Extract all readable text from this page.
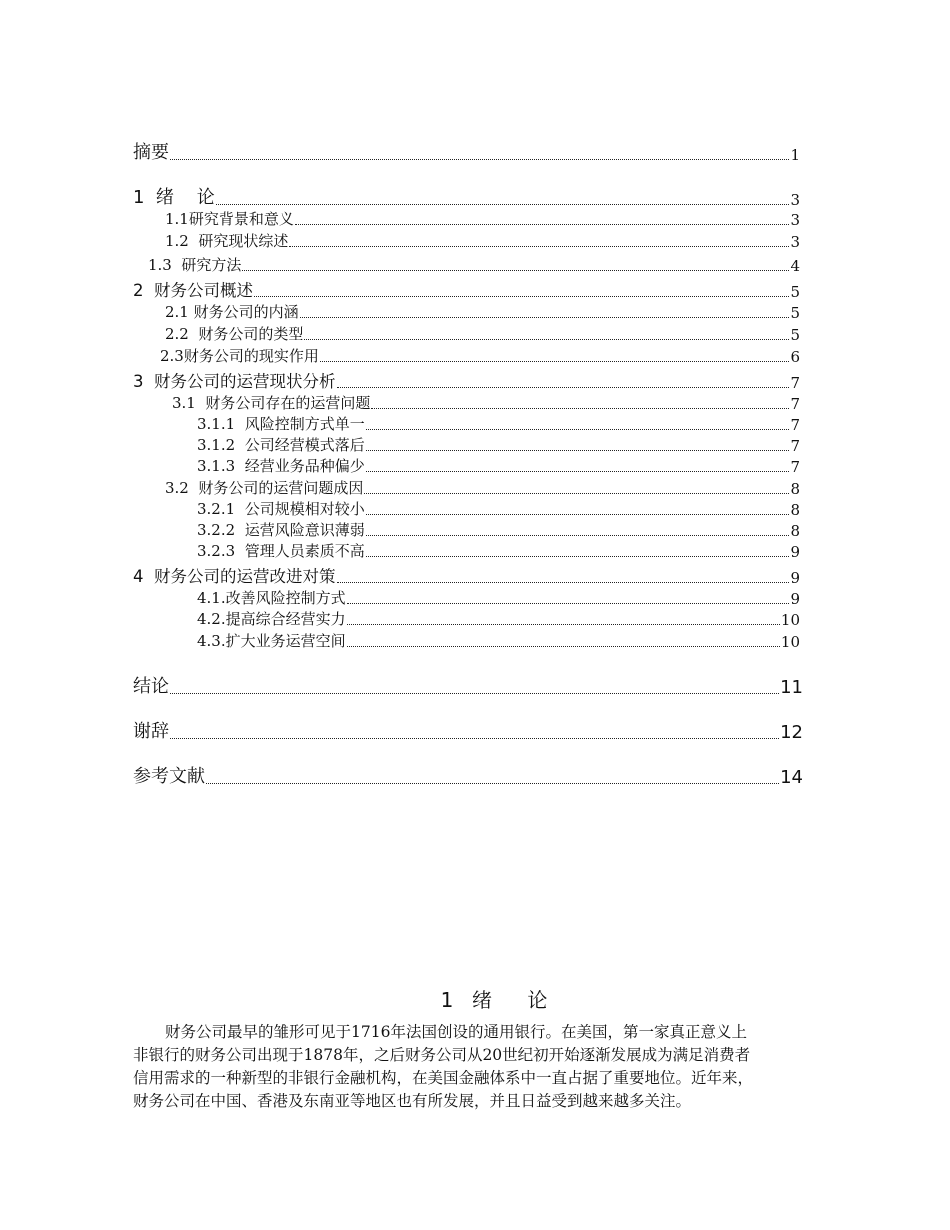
摘要	1
1  绪    论	3
1.1研究背景和意义	3
1.2  研究现状综述	3
1.3  研究方法	4
2  财务公司概述	5
2.1 财务公司的内涵	5
2.2  财务公司的类型	5
2.3财务公司的现实作用	6
3  财务公司的运营现状分析	7
3.1  财务公司存在的运营问题	7
3.1.1  风险控制方式单一	7
3.1.2  公司经营模式落后	7
3.1.3  经营业务品种偏少	7
3.2  财务公司的运营问题成因	8
3.2.1  公司规模相对较小	8
3.2.2  运营风险意识薄弱	8
3.2.3  管理人员素质不高	9
4  财务公司的运营改进对策	9
4.1.改善风险控制方式	9
4.2.提高综合经营实力	10
4.3.扩大业务运营空间	10
结论	11
谢辞	12
参考文献	14
1  绪    论
财务公司最早的雏形可见于1716年法国创设的通用银行。在美国，第一家真正意义上
非银行的财务公司出现于1878年，之后财务公司从20世纪初开始逐渐发展成为满足消费者
信用需求的一种新型的非银行金融机构，在美国金融体系中一直占据了重要地位。近年来，
财务公司在中国、香港及东南亚等地区也有所发展，并且日益受到越来越多关注。
